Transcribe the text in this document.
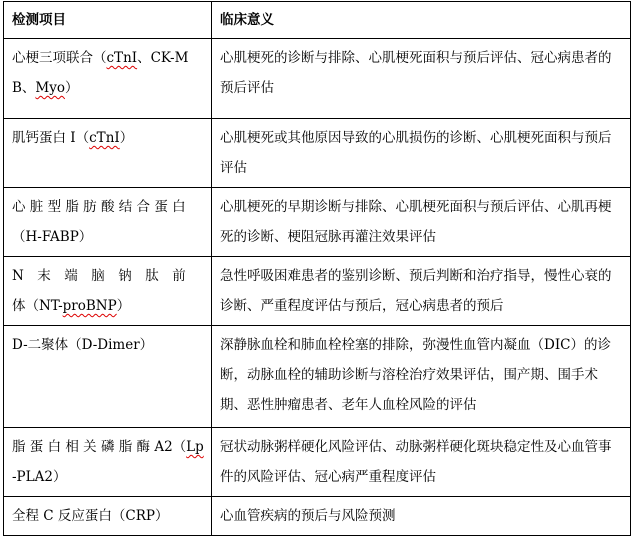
检测项目	临床意义
心梗三项联合（cTnI、CK-MB、Myo）	心肌梗死的诊断与排除、心肌梗死面积与预后评估、冠心病患者的预后评估
肌钙蛋白 I（cTnI）	心肌梗死或其他原因导致的心肌损伤的诊断、心肌梗死面积与预后评估
心 脏 型 脂 肪 酸 结 合 蛋 白（H-FABP）	心肌梗死的早期诊断与排除、心肌梗死面积与预后评估、心肌再梗死的诊断、梗阻冠脉再灌注效果评估
N　末　端　脑　钠　肽　前　体（NT-proBNP）	急性呼吸困难患者的鉴别诊断、预后判断和治疗指导，慢性心衰的诊断、严重程度评估与预后，冠心病患者的预后
D-二聚体（D-Dimer）	深静脉血栓和肺血栓栓塞的排除，弥漫性血管内凝血（DIC）的诊断，动脉血栓的辅助诊断与溶栓治疗效果评估，围产期、围手术期、恶性肿瘤患者、老年人血栓风险的评估
脂 蛋 白 相 关 磷 脂 酶 A2（Lp-PLA2）	冠状动脉粥样硬化风险评估、动脉粥样硬化斑块稳定性及心血管事件的风险评估、冠心病严重程度评估
全程 C 反应蛋白（CRP）	心血管疾病的预后与风险预测
